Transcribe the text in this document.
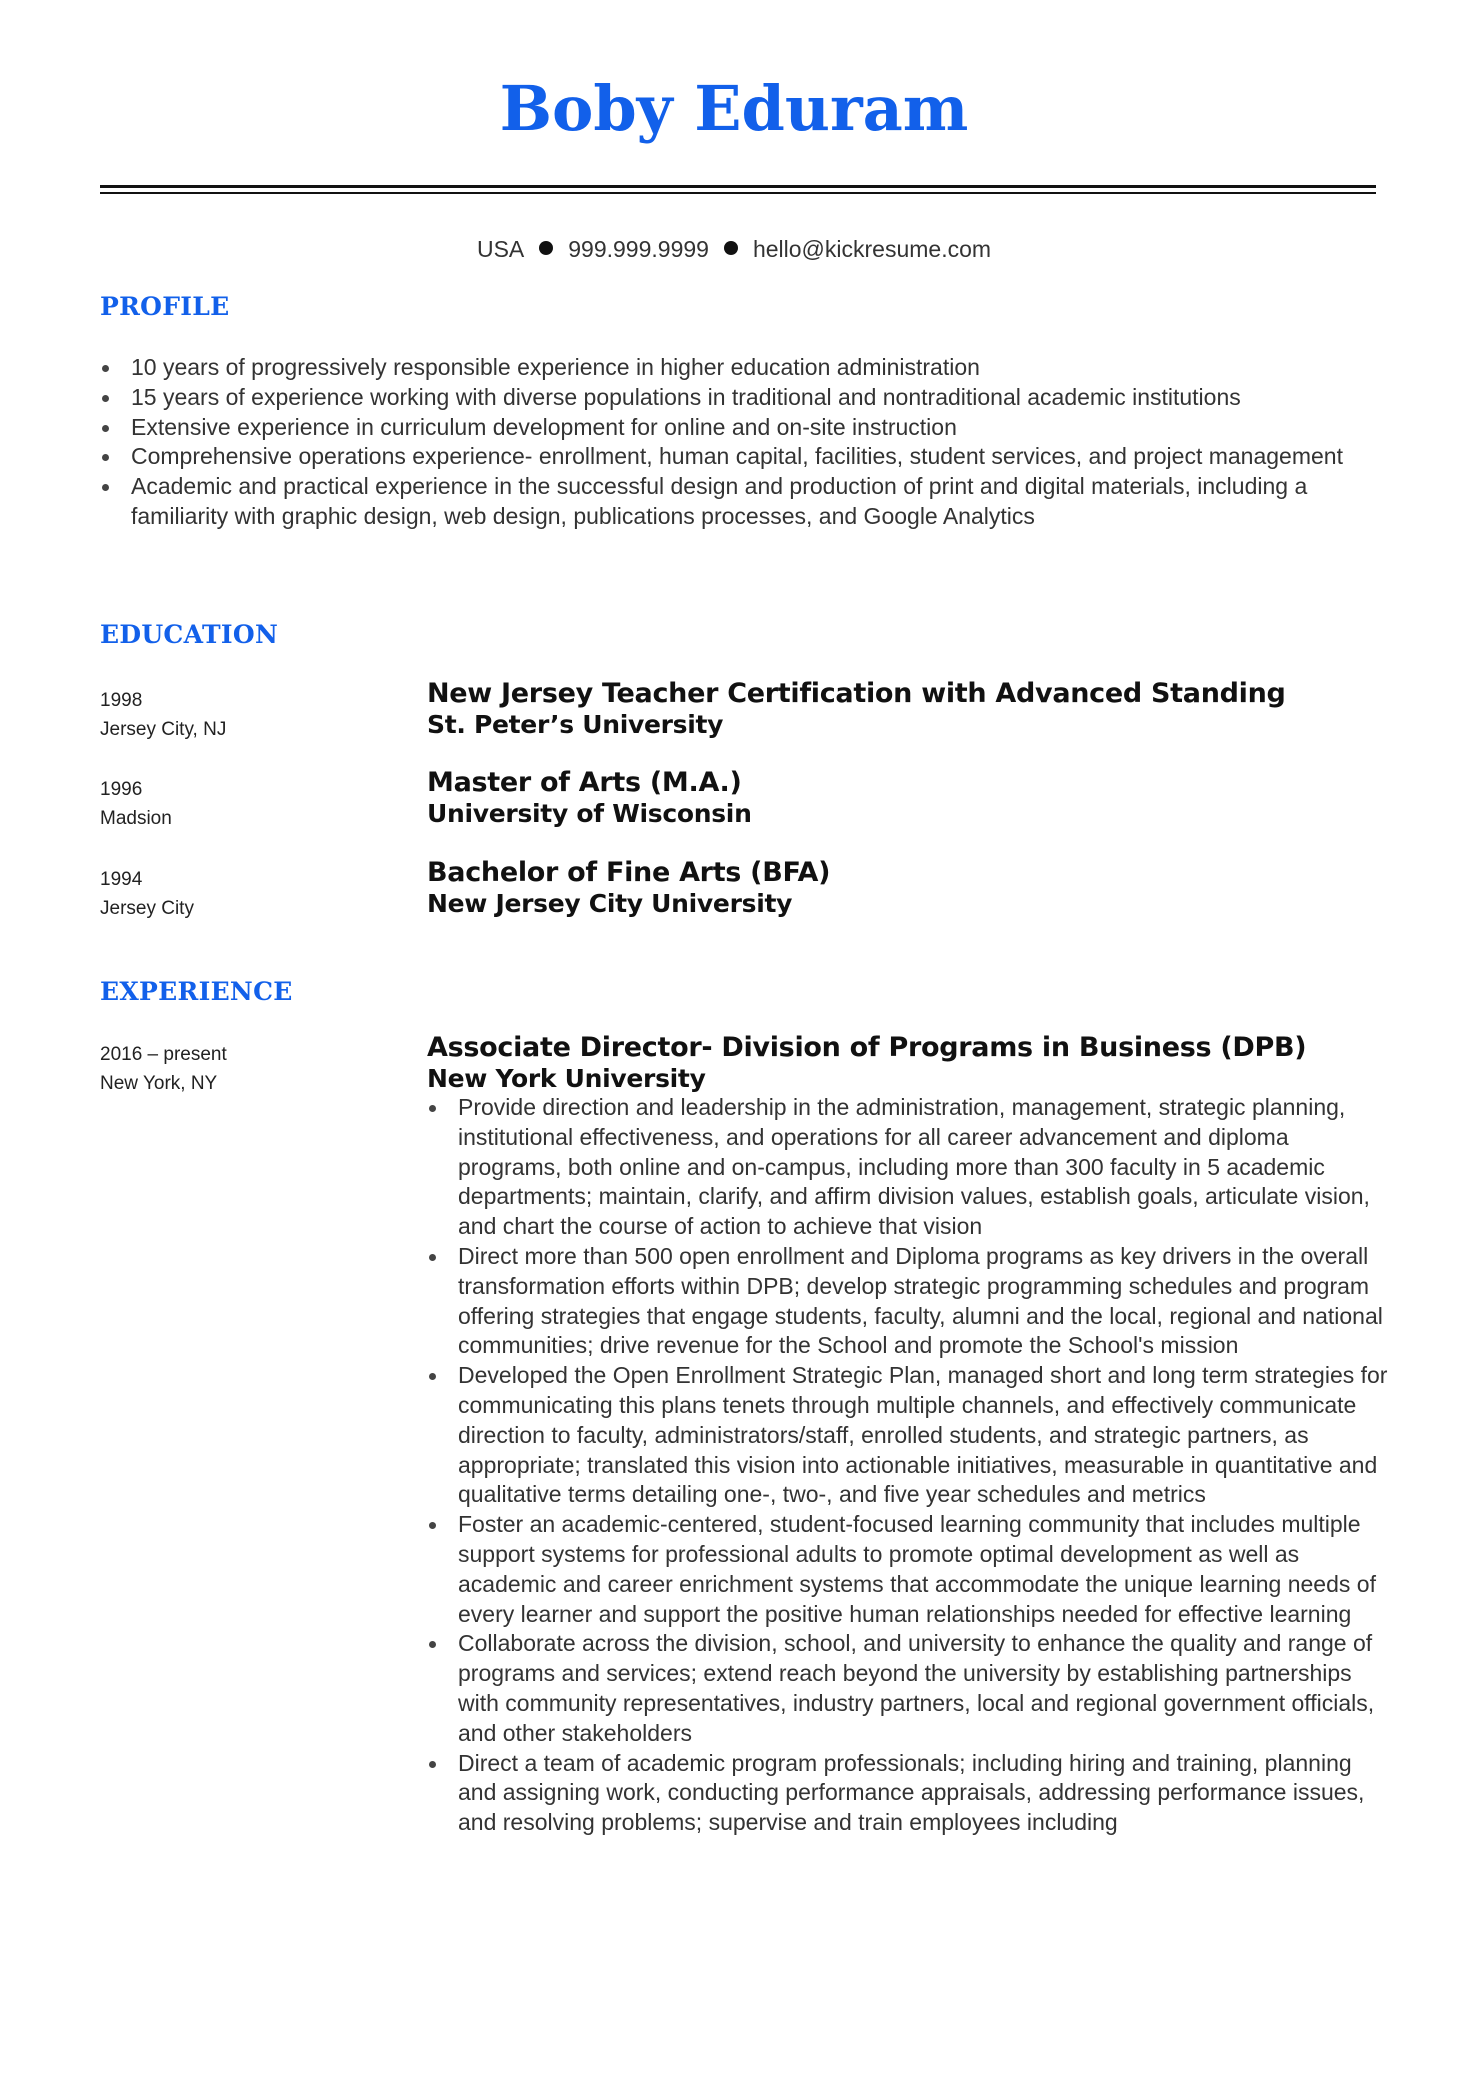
Boby Eduram
USA 999.999.9999 hello@kickresume.com
PROFILE
10 years of progressively responsible experience in higher education administration
15 years of experience working with diverse populations in traditional and nontraditional academic institutions
Extensive experience in curriculum development for online and on-site instruction
Comprehensive operations experience- enrollment, human capital, facilities, student services, and project management
Academic and practical experience in the successful design and production of print and digital materials, including a familiarity with graphic design, web design, publications processes, and Google Analytics
EDUCATION
1998
Jersey City, NJ
New Jersey Teacher Certification with Advanced Standing
St. Peter’s University
1996
Madsion
Master of Arts (M.A.)
University of Wisconsin
1994
Jersey City
Bachelor of Fine Arts (BFA)
New Jersey City University
EXPERIENCE
2016 – present
New York, NY
Associate Director- Division of Programs in Business (DPB)
New York University
Provide direction and leadership in the administration, management, strategic planning, institutional effectiveness, and operations for all career advancement and diploma programs, both online and on-campus, including more than 300 faculty in 5 academic departments; maintain, clarify, and affirm division values, establish goals, articulate vision, and chart the course of action to achieve that vision
Direct more than 500 open enrollment and Diploma programs as key drivers in the overall transformation efforts within DPB; develop strategic programming schedules and program offering strategies that engage students, faculty, alumni and the local, regional and national communities; drive revenue for the School and promote the School's mission
Developed the Open Enrollment Strategic Plan, managed short and long term strategies for communicating this plans tenets through multiple channels, and effectively communicate direction to faculty, administrators/staff, enrolled students, and strategic partners, as appropriate; translated this vision into actionable initiatives, measurable in quantitative and qualitative terms detailing one-, two-, and five year schedules and metrics
Foster an academic-centered, student-focused learning community that includes multiple support systems for professional adults to promote optimal development as well as academic and career enrichment systems that accommodate the unique learning needs of every learner and support the positive human relationships needed for effective learning
Collaborate across the division, school, and university to enhance the quality and range of programs and services; extend reach beyond the university by establishing partnerships with community representatives, industry partners, local and regional government officials, and other stakeholders
Direct a team of academic program professionals; including hiring and training, planning and assigning work, conducting performance appraisals, addressing performance issues, and resolving problems; supervise and train employees including
